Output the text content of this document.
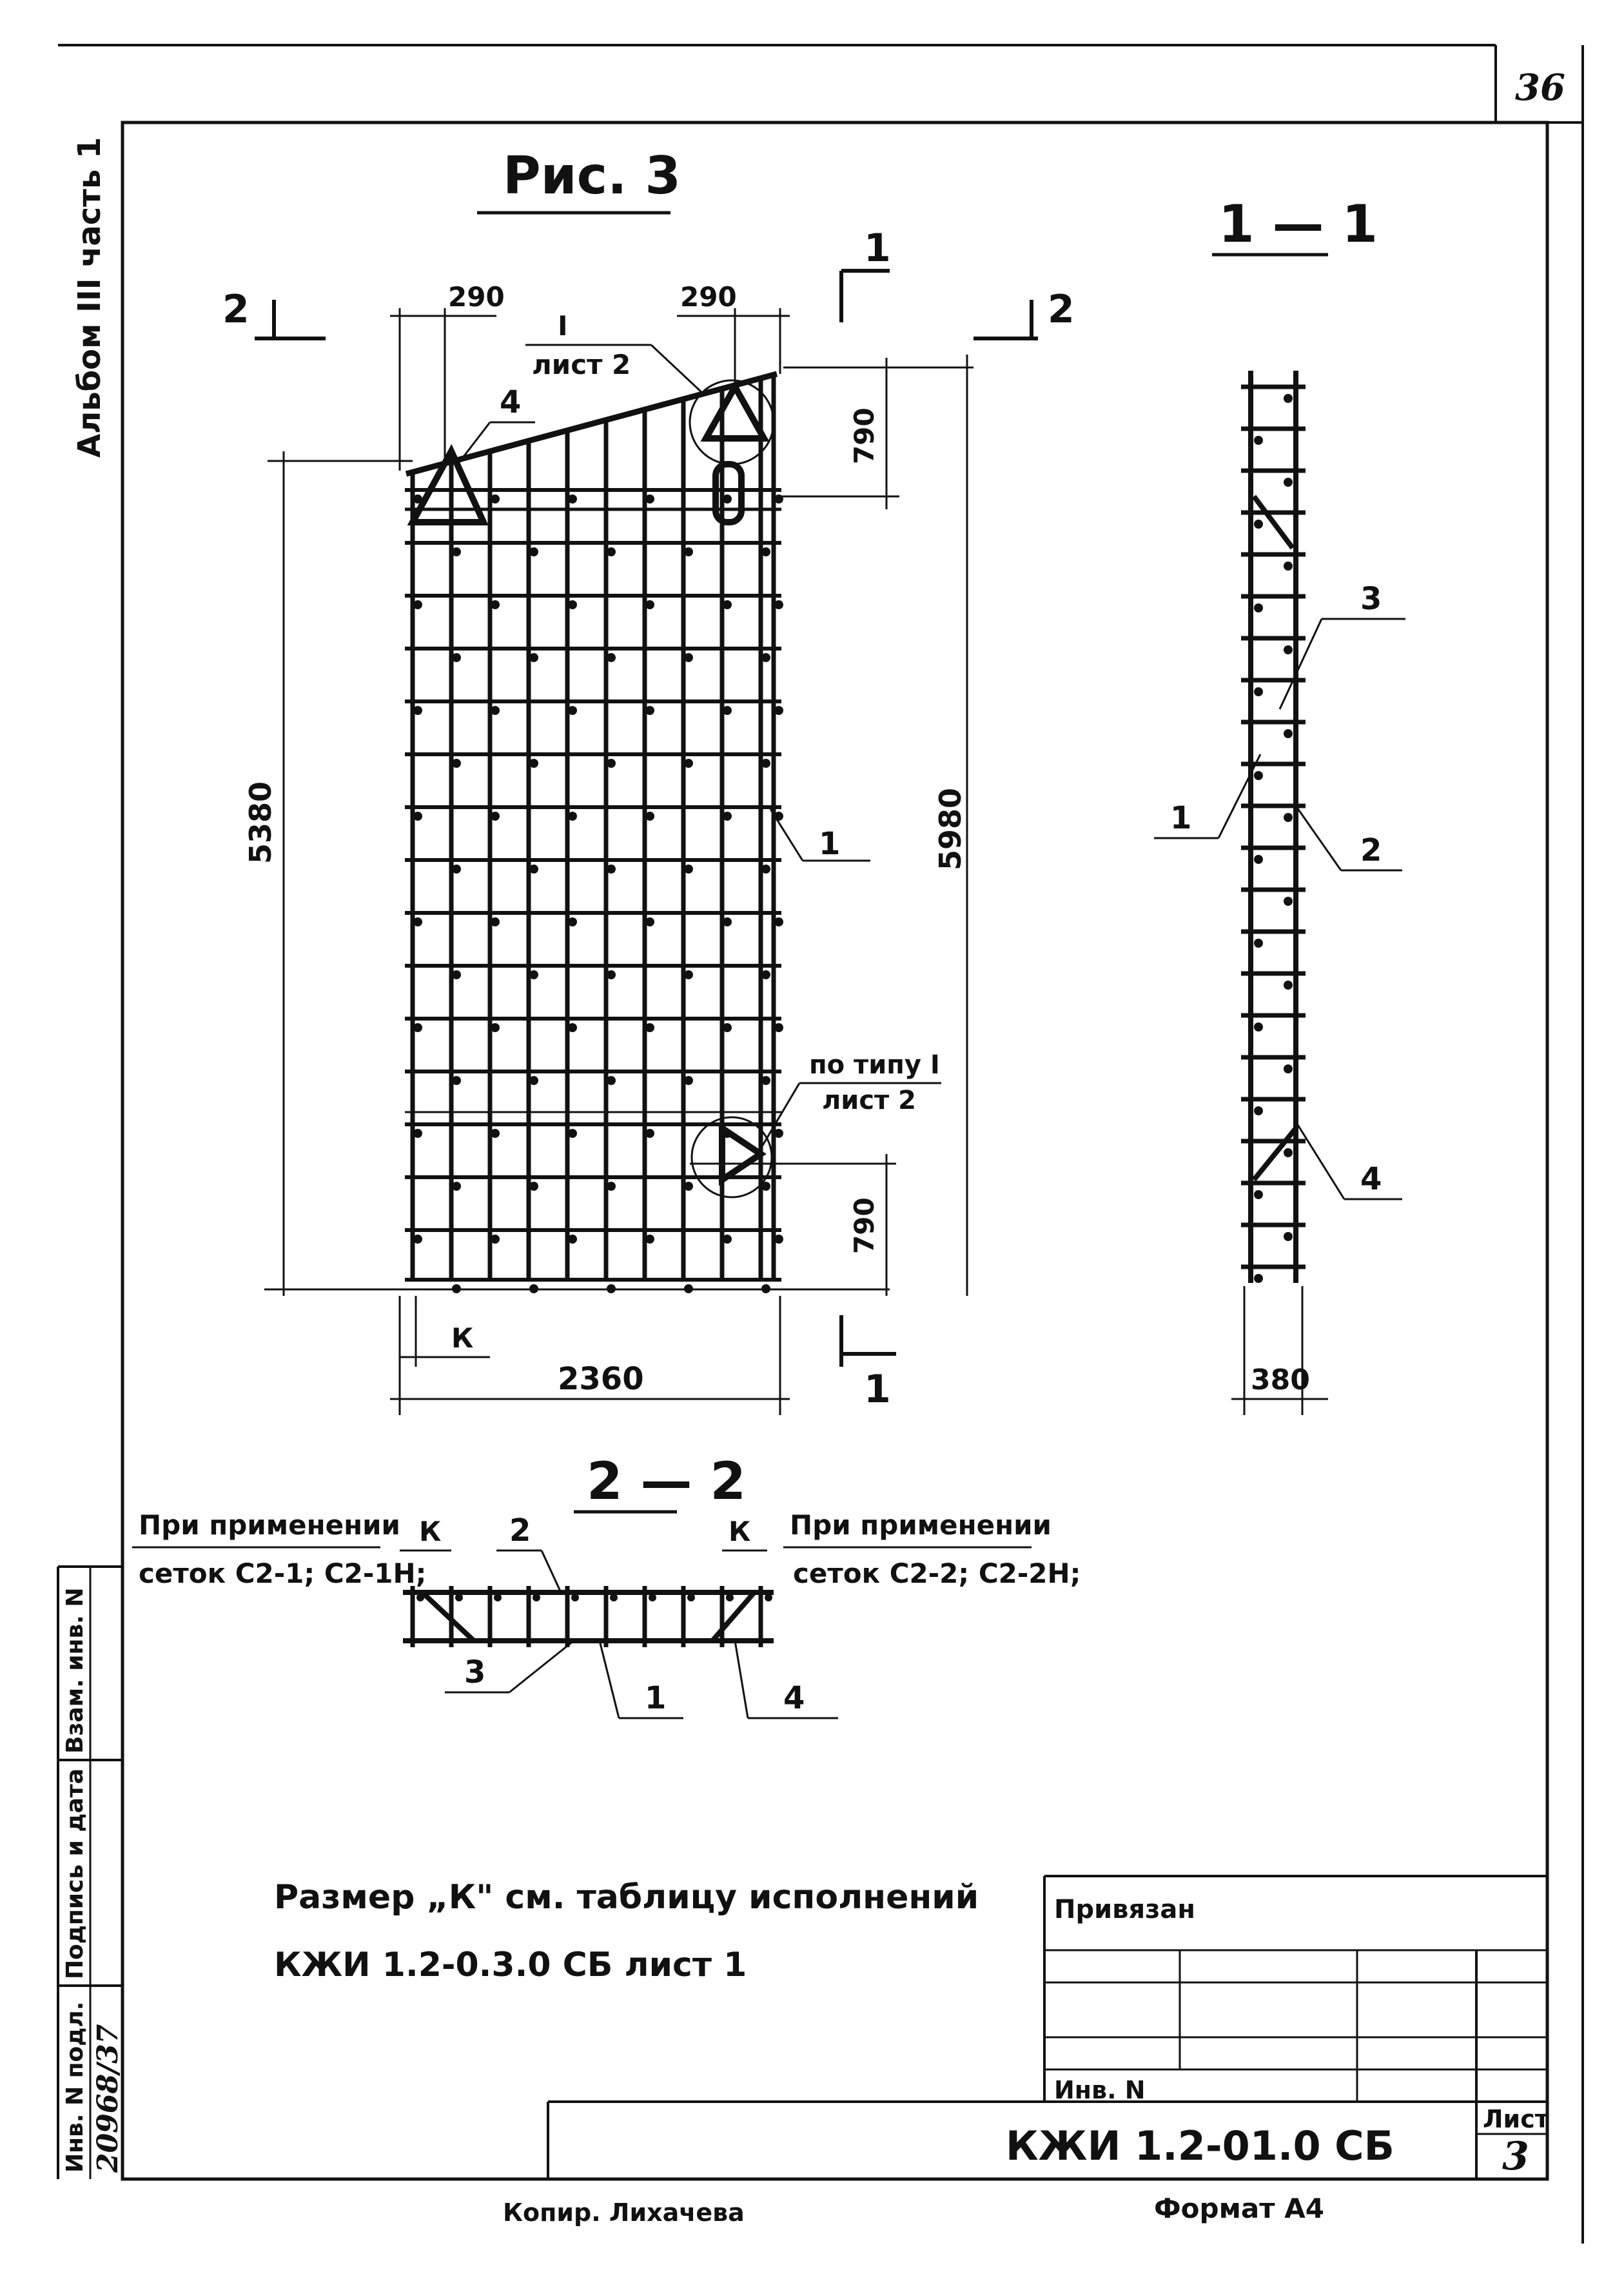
36
Альбом III часть 1	Рис. 3
1 — 1
2	2
1
1
290	290
I
лист 2
4
5380
790
5980
790
К
2360
1
по типу I
лист 2
3
1
2
4
380
2 — 2
При применении
сеток С2-1; С2-1Н;
К 2	К При применении
сеток С2-2; С2-2Н;
3
1	4
Размер „К" см. таблицу исполнений
КЖИ 1.2-0.3.0 СБ лист 1
Взам. инв. N
Подпись и дата
Инв. N подл. 20968/37
Привязан
Инв. N
КЖИ 1.2-01.0 СБ
Лист
3
Копир. Лихачева	Формат А4
